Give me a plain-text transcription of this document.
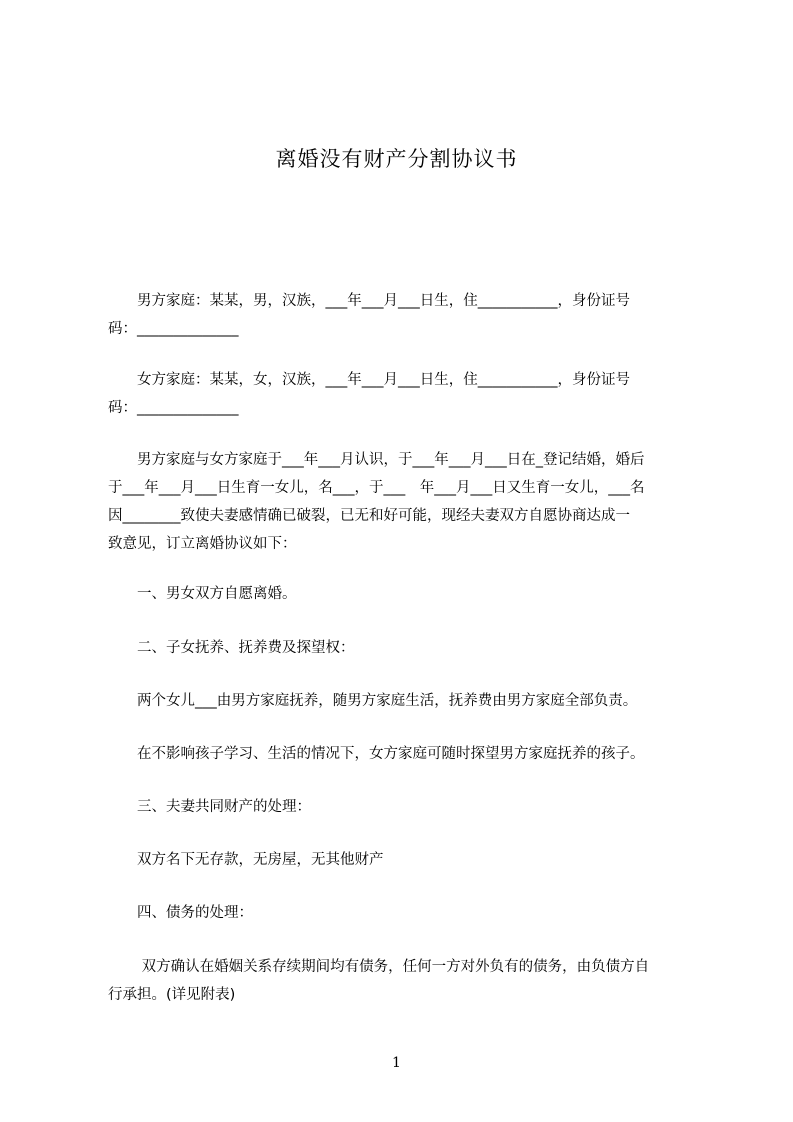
离婚没有财产分割协议书
　　男方家庭：某某，男，汉族，___年___月___日生，住___________，身份证号
码：______________
　　女方家庭：某某，女，汉族，___年___月___日生，住___________，身份证号
码：______________
　　男方家庭与女方家庭于___年___月认识，于___年___月___日在_登记结婚，婚后
于___年___月___日生育一女儿，名___，于___　年___月___日又生育一女儿，___名
因________致使夫妻感情确已破裂，已无和好可能，现经夫妻双方自愿协商达成一
致意见，订立离婚协议如下：
　　一、男女双方自愿离婚。
　　二、子女抚养、抚养费及探望权：
　　两个女儿___由男方家庭抚养，随男方家庭生活，抚养费由男方家庭全部负责。
　　在不影响孩子学习、生活的情况下，女方家庭可随时探望男方家庭抚养的孩子。
　　三、夫妻共同财产的处理：
　　双方名下无存款，无房屋，无其他财产
　　四、债务的处理：
　　 双方确认在婚姻关系存续期间均有债务，任何一方对外负有的债务，由负债方自
行承担。(详见附表)
1
